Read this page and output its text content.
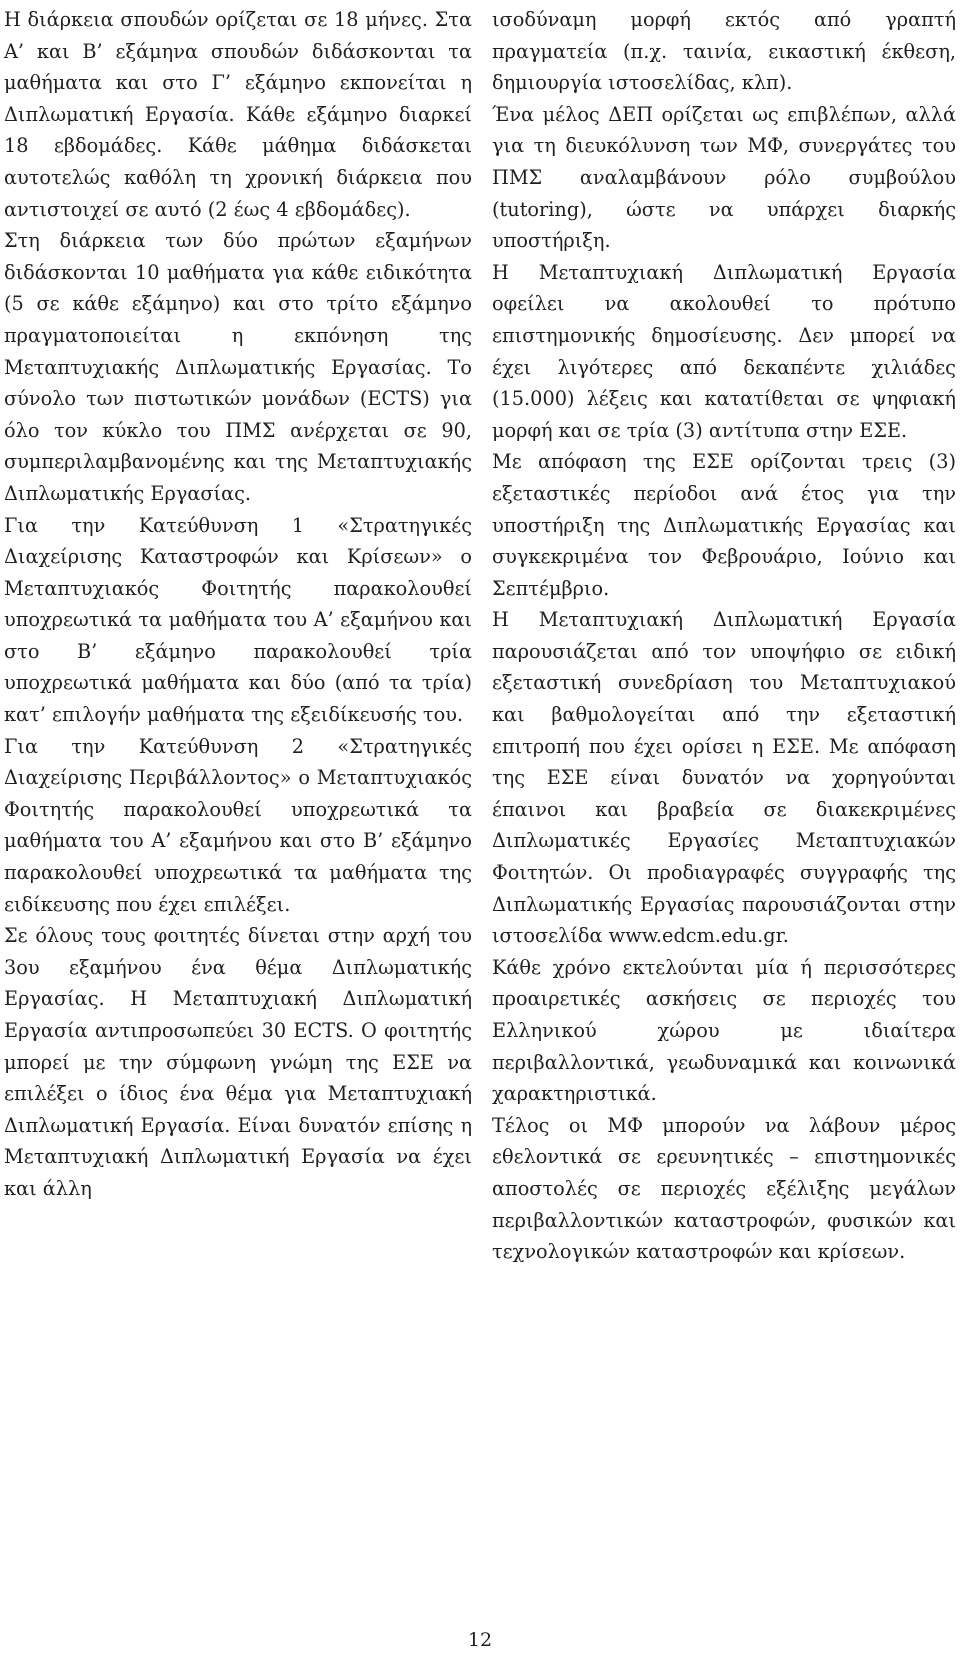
Η διάρκεια σπουδών ορίζεται σε 18 μήνες. Στα Α’ και Β’ εξάμηνα σπουδών διδάσκονται τα μαθήματα και στο Γ’ εξάμηνο εκπονείται η Διπλωματική Εργασία. Κάθε εξάμηνο διαρκεί 18 εβδομάδες. Κάθε μάθημα διδάσκεται αυτοτελώς καθόλη τη χρονική διάρκεια που αντιστοιχεί σε αυτό (2 έως 4 εβδομάδες).

Στη διάρκεια των δύο πρώτων εξαμήνων διδάσκονται 10 μαθήματα για κάθε ειδικότητα (5 σε κάθε εξάμηνο) και στο τρίτο εξάμηνο πραγματοποιείται η εκπόνηση της Μεταπτυχιακής Διπλωματικής Εργασίας. Το σύνολο των πιστωτικών μονάδων (ECTS) για όλο τον κύκλο του ΠΜΣ ανέρχεται σε 90, συμπεριλαμβανομένης και της Μεταπτυχιακής Διπλωματικής Εργασίας.

Για την Κατεύθυνση 1 «Στρατηγικές Διαχείρισης Καταστροφών και Κρίσεων» ο Μεταπτυχιακός Φοιτητής παρακολουθεί υποχρεωτικά τα μαθήματα του Α’ εξαμήνου και στο Β’ εξάμηνο παρακολουθεί τρία υποχρεωτικά μαθήματα και δύο (από τα τρία) κατ’ επιλογήν μαθήματα της εξειδίκευσής του.

Για την Κατεύθυνση 2 «Στρατηγικές Διαχείρισης Περιβάλλοντος» ο Μεταπτυχιακός Φοιτητής παρακολουθεί υποχρεωτικά τα μαθήματα του Α’ εξαμήνου και στο Β’ εξάμηνο παρακολουθεί υποχρεωτικά τα μαθήματα της ειδίκευσης που έχει επιλέξει.

Σε όλους τους φοιτητές δίνεται στην αρχή του 3ου εξαμήνου ένα θέμα Διπλωματικής Εργασίας. Η Μεταπτυχιακή Διπλωματική Εργασία αντιπροσωπεύει 30 ECTS. Ο φοιτητής μπορεί με την σύμφωνη γνώμη της ΕΣΕ να επιλέξει ο ίδιος ένα θέμα για Μεταπτυχιακή Διπλωματική Εργασία. Είναι δυνατόν επίσης η Μεταπτυχιακή Διπλωματική Εργασία να έχει και άλλη

ισοδύναμη μορφή εκτός από γραπτή πραγματεία (π.χ. ταινία, εικαστική έκθεση, δημιουργία ιστοσελίδας, κλπ).

Ένα μέλος ΔΕΠ ορίζεται ως επιβλέπων, αλλά για τη διευκόλυνση των ΜΦ, συνεργάτες του ΠΜΣ αναλαμβάνουν ρόλο συμβούλου (tutoring), ώστε να υπάρχει διαρκής υποστήριξη.

Η Μεταπτυχιακή Διπλωματική Εργασία οφείλει να ακολουθεί το πρότυπο επιστημονικής δημοσίευσης. Δεν μπορεί να έχει λιγότερες από δεκαπέντε χιλιάδες (15.000) λέξεις και κατατίθεται σε ψηφιακή μορφή και σε τρία (3) αντίτυπα στην ΕΣΕ.

Με απόφαση της ΕΣΕ ορίζονται τρεις (3) εξεταστικές περίοδοι ανά έτος για την υποστήριξη της Διπλωματικής Εργασίας και συγκεκριμένα τον Φεβρουάριο, Ιούνιο και Σεπτέμβριο.

Η Μεταπτυχιακή Διπλωματική Εργασία παρουσιάζεται από τον υποψήφιο σε ειδική εξεταστική συνεδρίαση του Μεταπτυχιακού και βαθμολογείται από την εξεταστική επιτροπή που έχει ορίσει η ΕΣΕ. Με απόφαση της ΕΣΕ είναι δυνατόν να χορηγούνται έπαινοι και βραβεία σε διακεκριμένες Διπλωματικές Εργασίες Μεταπτυχιακών Φοιτητών. Οι προδιαγραφές συγγραφής της Διπλωματικής Εργασίας παρουσιάζονται στην ιστοσελίδα www.edcm.edu.gr.

Κάθε χρόνο εκτελούνται μία ή περισσότερες προαιρετικές ασκήσεις σε περιοχές του Ελληνικού χώρου με ιδιαίτερα περιβαλλοντικά, γεωδυναμικά και κοινωνικά χαρακτηριστικά.

Τέλος οι ΜΦ μπορούν να λάβουν μέρος εθελοντικά σε ερευνητικές – επιστημονικές αποστολές σε περιοχές εξέλιξης μεγάλων περιβαλλοντικών καταστροφών, φυσικών και τεχνολογικών καταστροφών και κρίσεων.

12
